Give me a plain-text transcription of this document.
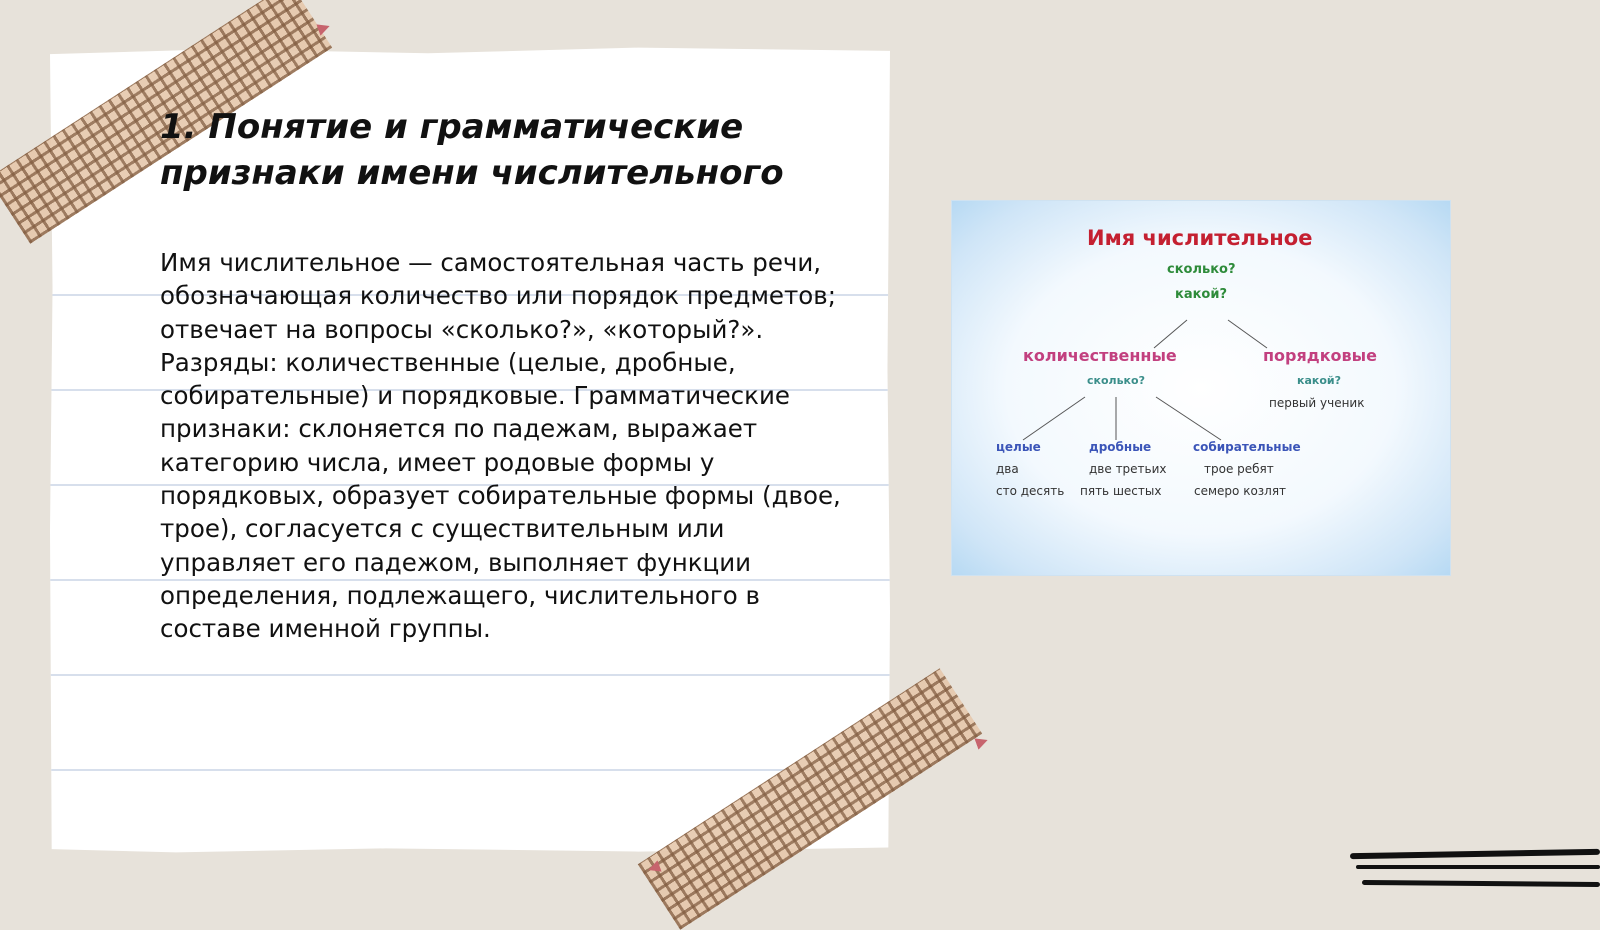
1. Понятие и грамматические
признаки имени числительного

Имя числительное — самостоятельная часть речи, обозначающая количество или порядок предметов; отвечает на вопросы «сколько?», «который?». Разряды: количественные (целые, дробные, собирательные) и порядковые. Грамматические признаки: склоняется по падежам, выражает категорию числа, имеет родовые формы у порядковых, образует собирательные формы (двое, трое), согласуется с существительным или управляет его падежом, выполняет функции определения, подлежащего, числительного в составе именной группы.

Имя числительное
сколько?
какой?
количественные
сколько?
порядковые
какой?
первый ученик
целые
два
сто десять
дробные
две третьих
пять шестых
собирательные
трое ребят
семеро козлят
